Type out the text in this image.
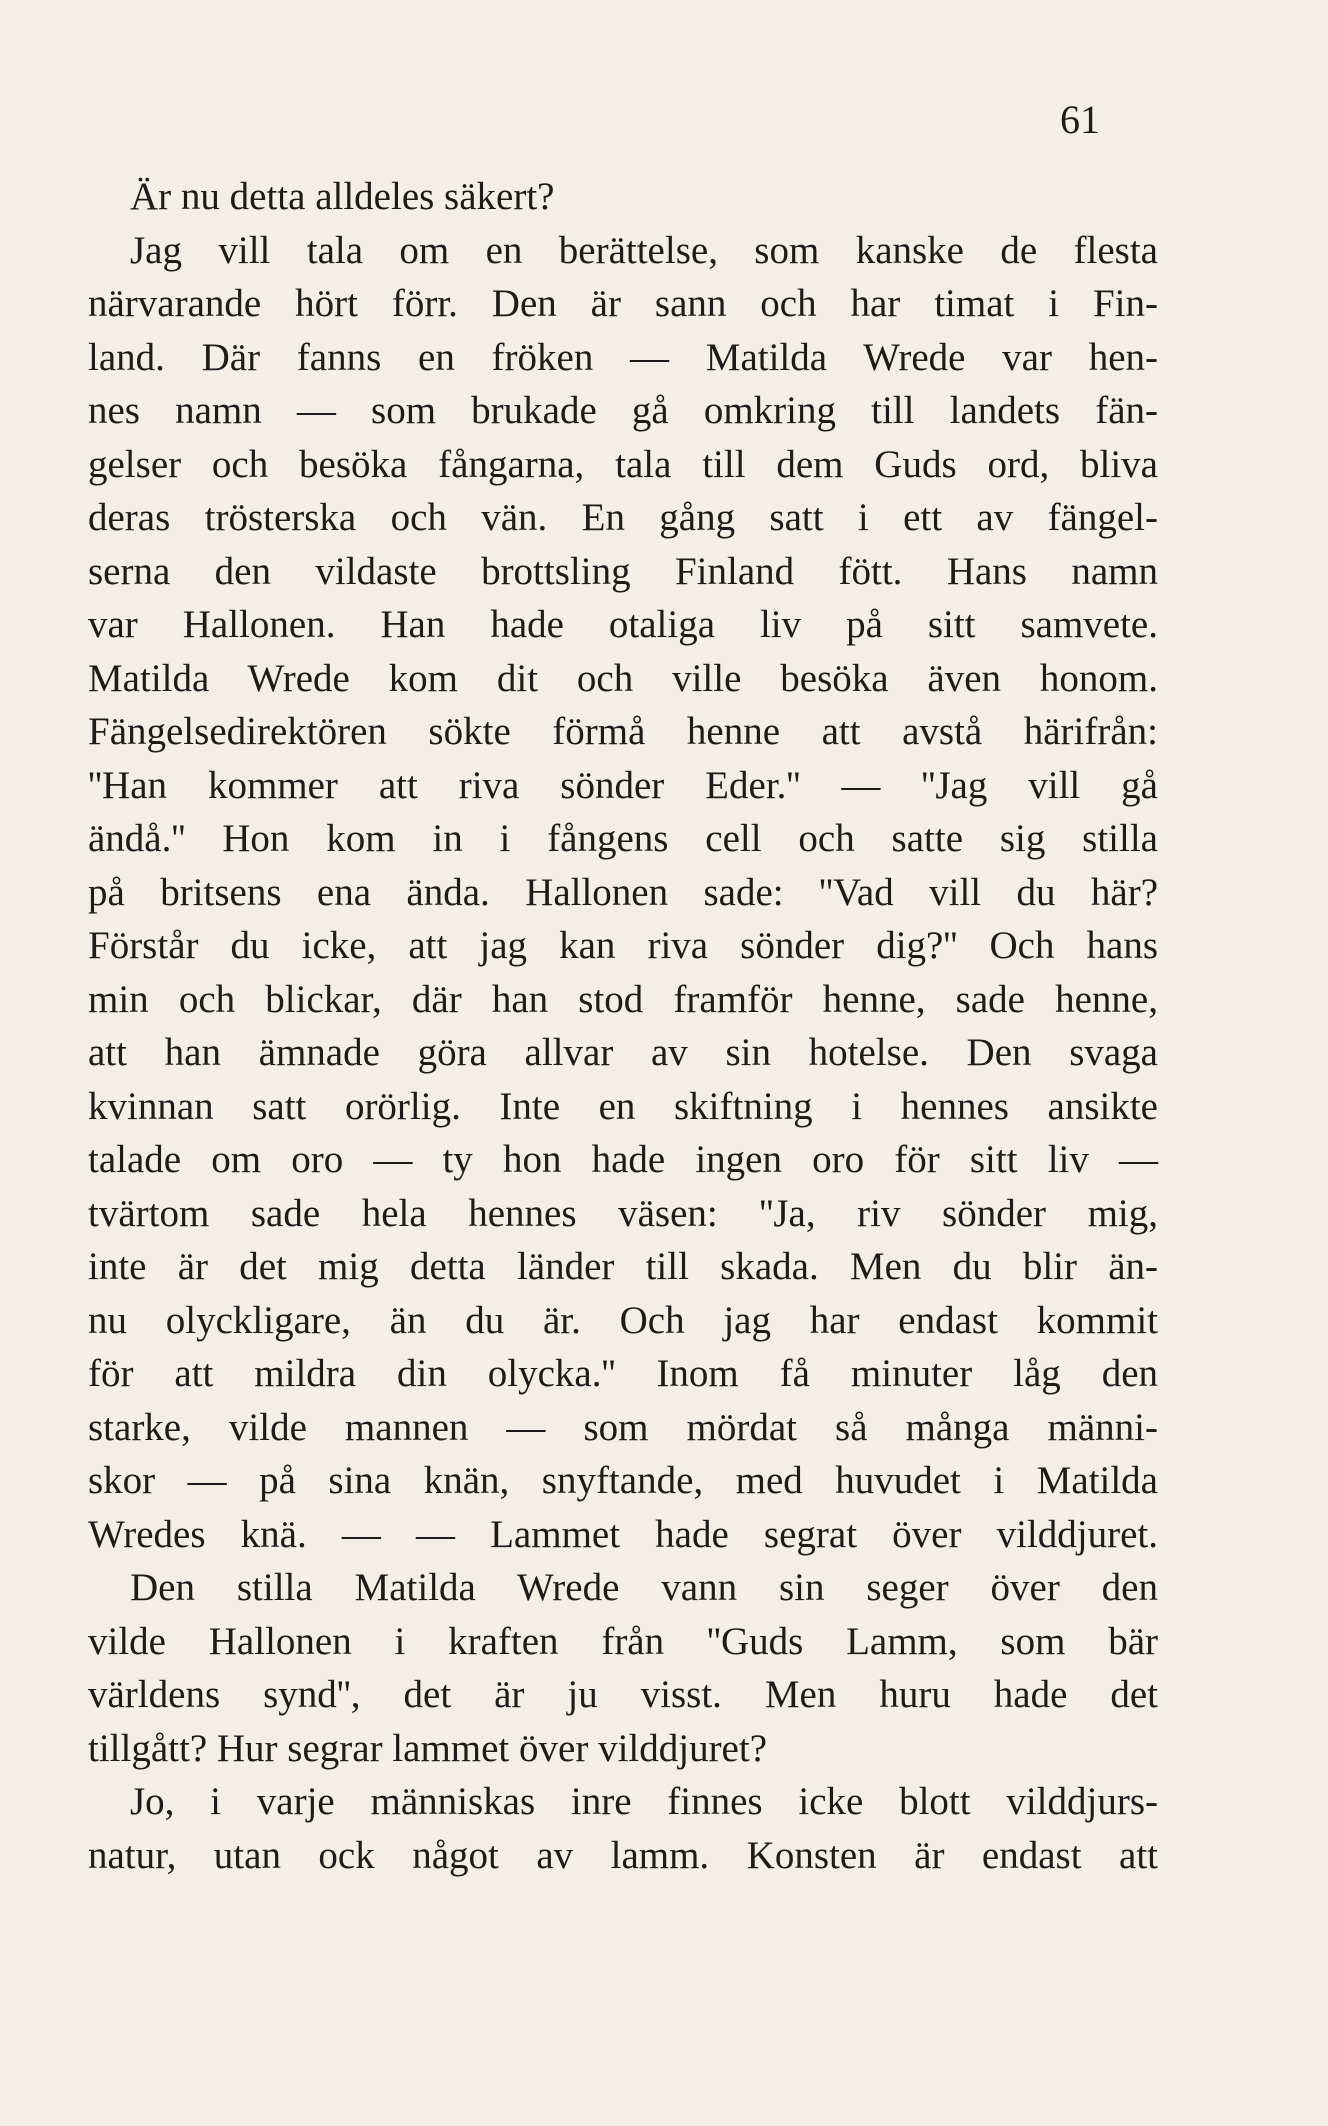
61
Är nu detta alldeles säkert?
Jag vill tala om en berättelse, som kanske de flesta
närvarande hört förr. Den är sann och har timat i Fin-
land. Där fanns en fröken — Matilda Wrede var hen-
nes namn — som brukade gå omkring till landets fän-
gelser och besöka fångarna, tala till dem Guds ord, bliva
deras trösterska och vän. En gång satt i ett av fängel-
serna den vildaste brottsling Finland fött. Hans namn
var Hallonen. Han hade otaliga liv på sitt samvete.
Matilda Wrede kom dit och ville besöka även honom.
Fängelsedirektören sökte förmå henne att avstå härifrån:
''Han kommer att riva sönder Eder.'' — ''Jag vill gå
ändå.'' Hon kom in i fångens cell och satte sig stilla
på britsens ena ända. Hallonen sade: ''Vad vill du här?
Förstår du icke, att jag kan riva sönder dig?'' Och hans
min och blickar, där han stod framför henne, sade henne,
att han ämnade göra allvar av sin hotelse. Den svaga
kvinnan satt orörlig. Inte en skiftning i hennes ansikte
talade om oro — ty hon hade ingen oro för sitt liv —
tvärtom sade hela hennes väsen: ''Ja, riv sönder mig,
inte är det mig detta länder till skada. Men du blir än-
nu olyckligare, än du är. Och jag har endast kommit
för att mildra din olycka.'' Inom få minuter låg den
starke, vilde mannen — som mördat så många männi-
skor — på sina knän, snyftande, med huvudet i Matilda
Wredes knä. — — Lammet hade segrat över vilddjuret.
Den stilla Matilda Wrede vann sin seger över den
vilde Hallonen i kraften från ''Guds Lamm, som bär
världens synd'', det är ju visst. Men huru hade det
tillgått? Hur segrar lammet över vilddjuret?
Jo, i varje människas inre finnes icke blott vilddjurs-
natur, utan ock något av lamm. Konsten är endast att
